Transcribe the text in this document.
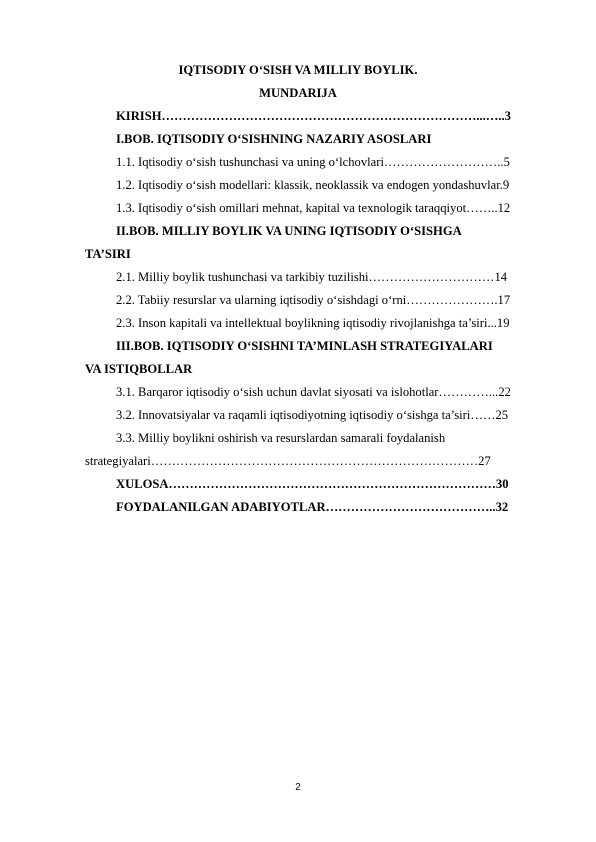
IQTISODIY O‘SISH VA MILLIY BOYLIK.
MUNDARIJA
KIRISH…………………………………………………………………...…..3
I.BOB. IQTISODIY O‘SISHNING NAZARIY ASOSLARI
1.1. Iqtisodiy o‘sish tushunchasi va uning o‘lchovlari………………………..5
1.2. Iqtisodiy o‘sish modellari: klassik, neoklassik va endogen yondashuvlar.9
1.3. Iqtisodiy o‘sish omillari mehnat, kapital va texnologik taraqqiyot……..12
II.BOB. MILLIY BOYLIK VA UNING IQTISODIY O‘SISHGA
TA’SIRI
2.1. Milliy boylik tushunchasi va tarkibiy tuzilishi…………………………14
2.2. Tabiiy resurslar va ularning iqtisodiy o‘sishdagi o‘rni………………….17
2.3. Inson kapitali va intellektual boylikning iqtisodiy rivojlanishga ta’siri...19
III.BOB. IQTISODIY O‘SISHNI TA’MINLASH STRATEGIYALARI
VA ISTIQBOLLAR
3.1. Barqaror iqtisodiy o‘sish uchun davlat siyosati va islohotlar…………...22
3.2. Innovatsiyalar va raqamli iqtisodiyotning iqtisodiy o‘sishga ta’siri……25
3.3. Milliy boylikni oshirish va resurslardan samarali foydalanish
strategiyalari……………………………………………………………………27
XULOSA……………………………………………………………………30
FOYDALANILGAN ADABIYOTLAR…………………………………..32
2
